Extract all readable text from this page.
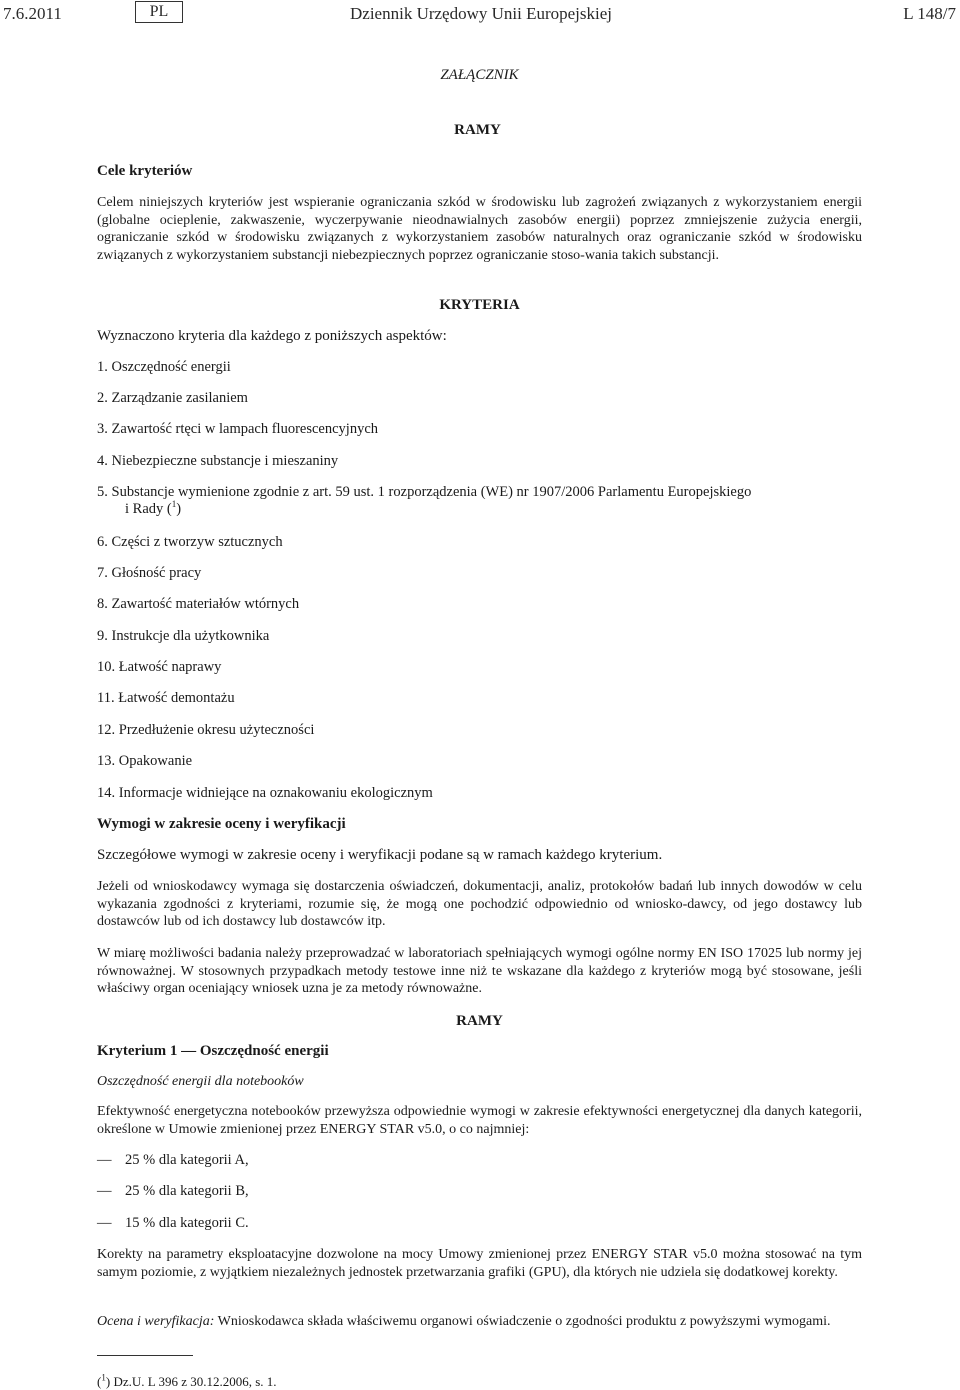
7.6.2011	PL	Dziennik Urzędowy Unii Europejskiej	L 148/7
ZAŁĄCZNIK
RAMY
Cele kryteriów
Celem niniejszych kryteriów jest wspieranie ograniczania szkód w środowisku lub zagrożeń związanych z wykorzystaniem energii (globalne ocieplenie, zakwaszenie, wyczerpywanie nieodnawialnych zasobów energii) poprzez zmniejszenie zużycia energii, ograniczanie szkód w środowisku związanych z wykorzystaniem zasobów naturalnych oraz ograniczanie szkód w środowisku związanych z wykorzystaniem substancji niebezpiecznych poprzez ograniczanie stoso-wania takich substancji.
KRYTERIA
Wyznaczono kryteria dla każdego z poniższych aspektów:
1. Oszczędność energii
2. Zarządzanie zasilaniem
3. Zawartość rtęci w lampach fluorescencyjnych
4. Niebezpieczne substancje i mieszaniny
5. Substancje wymienione zgodnie z art. 59 ust. 1 rozporządzenia (WE) nr 1907/2006 Parlamentu Europejskiego
i Rady ($^1$)
6. Części z tworzyw sztucznych
7. Głośność pracy
8. Zawartość materiałów wtórnych
9. Instrukcje dla użytkownika
10. Łatwość naprawy
11. Łatwość demontażu
12. Przedłużenie okresu użyteczności
13. Opakowanie
14. Informacje widniejące na oznakowaniu ekologicznym
Wymogi w zakresie oceny i weryfikacji
Szczegółowe wymogi w zakresie oceny i weryfikacji podane są w ramach każdego kryterium.
Jeżeli od wnioskodawcy wymaga się dostarczenia oświadczeń, dokumentacji, analiz, protokołów badań lub innych dowodów w celu wykazania zgodności z kryteriami, rozumie się, że mogą one pochodzić odpowiednio od wniosko-dawcy, od jego dostawcy lub dostawców lub od ich dostawcy lub dostawców itp.
W miarę możliwości badania należy przeprowadzać w laboratoriach spełniających wymogi ogólne normy EN ISO 17025 lub normy jej równoważnej. W stosownych przypadkach metody testowe inne niż te wskazane dla każdego z kryteriów mogą być stosowane, jeśli właściwy organ oceniający wniosek uzna je za metody równoważne.
RAMY
Kryterium 1 — Oszczędność energii
Oszczędność energii dla notebooków
Efektywność energetyczna notebooków przewyższa odpowiednie wymogi w zakresie efektywności energetycznej dla danych kategorii, określone w Umowie zmienionej przez ENERGY STAR v5.0, o co najmniej:
— 25 % dla kategorii A,
— 25 % dla kategorii B,
— 15 % dla kategorii C.
Korekty na parametry eksploatacyjne dozwolone na mocy Umowy zmienionej przez ENERGY STAR v5.0 można stosować na tym samym poziomie, z wyjątkiem niezależnych jednostek przetwarzania grafiki (GPU), dla których nie udziela się dodatkowej korekty.
Ocena i weryfikacja: Wnioskodawca składa właściwemu organowi oświadczenie o zgodności produktu z powyższymi wymogami.
($^1$) Dz.U. L 396 z 30.12.2006, s. 1.
